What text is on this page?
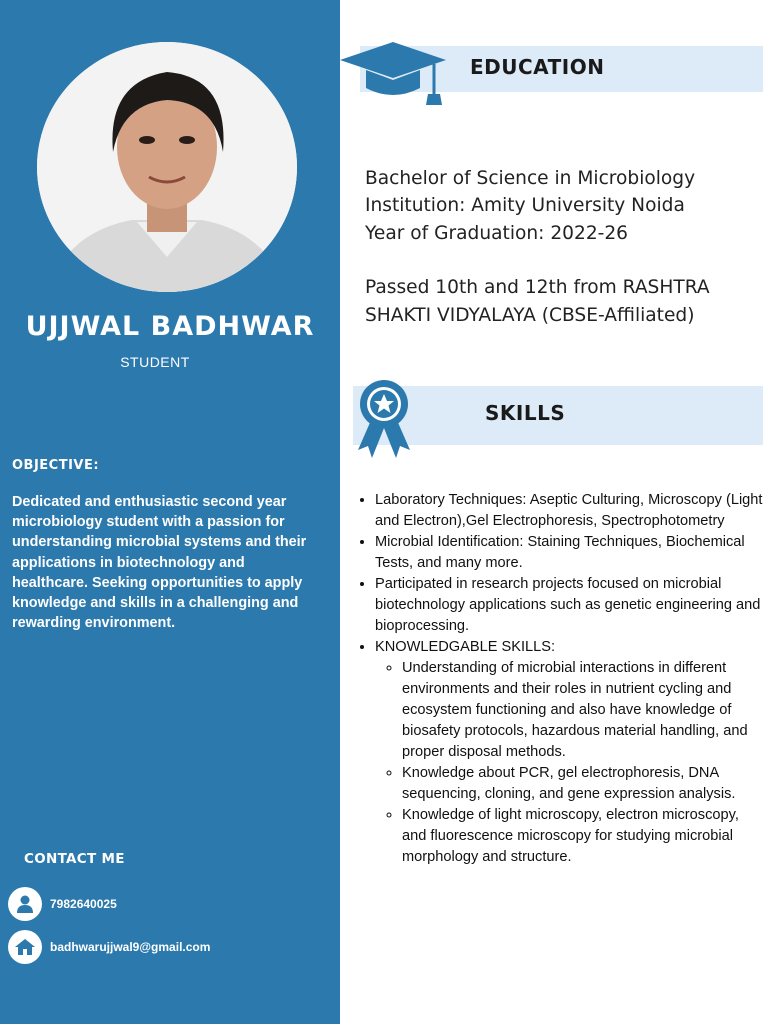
UJJWAL BADHWAR
STUDENT
OBJECTIVE:
Dedicated and enthusiastic second year microbiology student with a passion for understanding microbial systems and their applications in biotechnology and healthcare. Seeking opportunities to apply knowledge and skills in a challenging and rewarding environment.
CONTACT ME
7982640025
badhwarujjwal9@gmail.com
EDUCATION
Bachelor of Science in Microbiology
Institution: Amity University Noida
Year of Graduation: 2022-26
Passed 10th and 12th from RASHTRA
SHAKTI VIDYALAYA (CBSE-Affiliated)
SKILLS
• Laboratory Techniques: Aseptic Culturing, Microscopy (Light and Electron),Gel Electrophoresis, Spectrophotometry
• Microbial Identification: Staining Techniques, Biochemical Tests, and many more.
• Participated in research projects focused on microbial biotechnology applications such as genetic engineering and bioprocessing.
• KNOWLEDGABLE SKILLS:
◦ Understanding of microbial interactions in different environments and their roles in nutrient cycling and ecosystem functioning and also have knowledge of biosafety protocols, hazardous material handling, and proper disposal methods.
◦ Knowledge about PCR, gel electrophoresis, DNA sequencing, cloning, and gene expression analysis.
◦ Knowledge of light microscopy, electron microscopy, and fluorescence microscopy for studying microbial morphology and structure.
